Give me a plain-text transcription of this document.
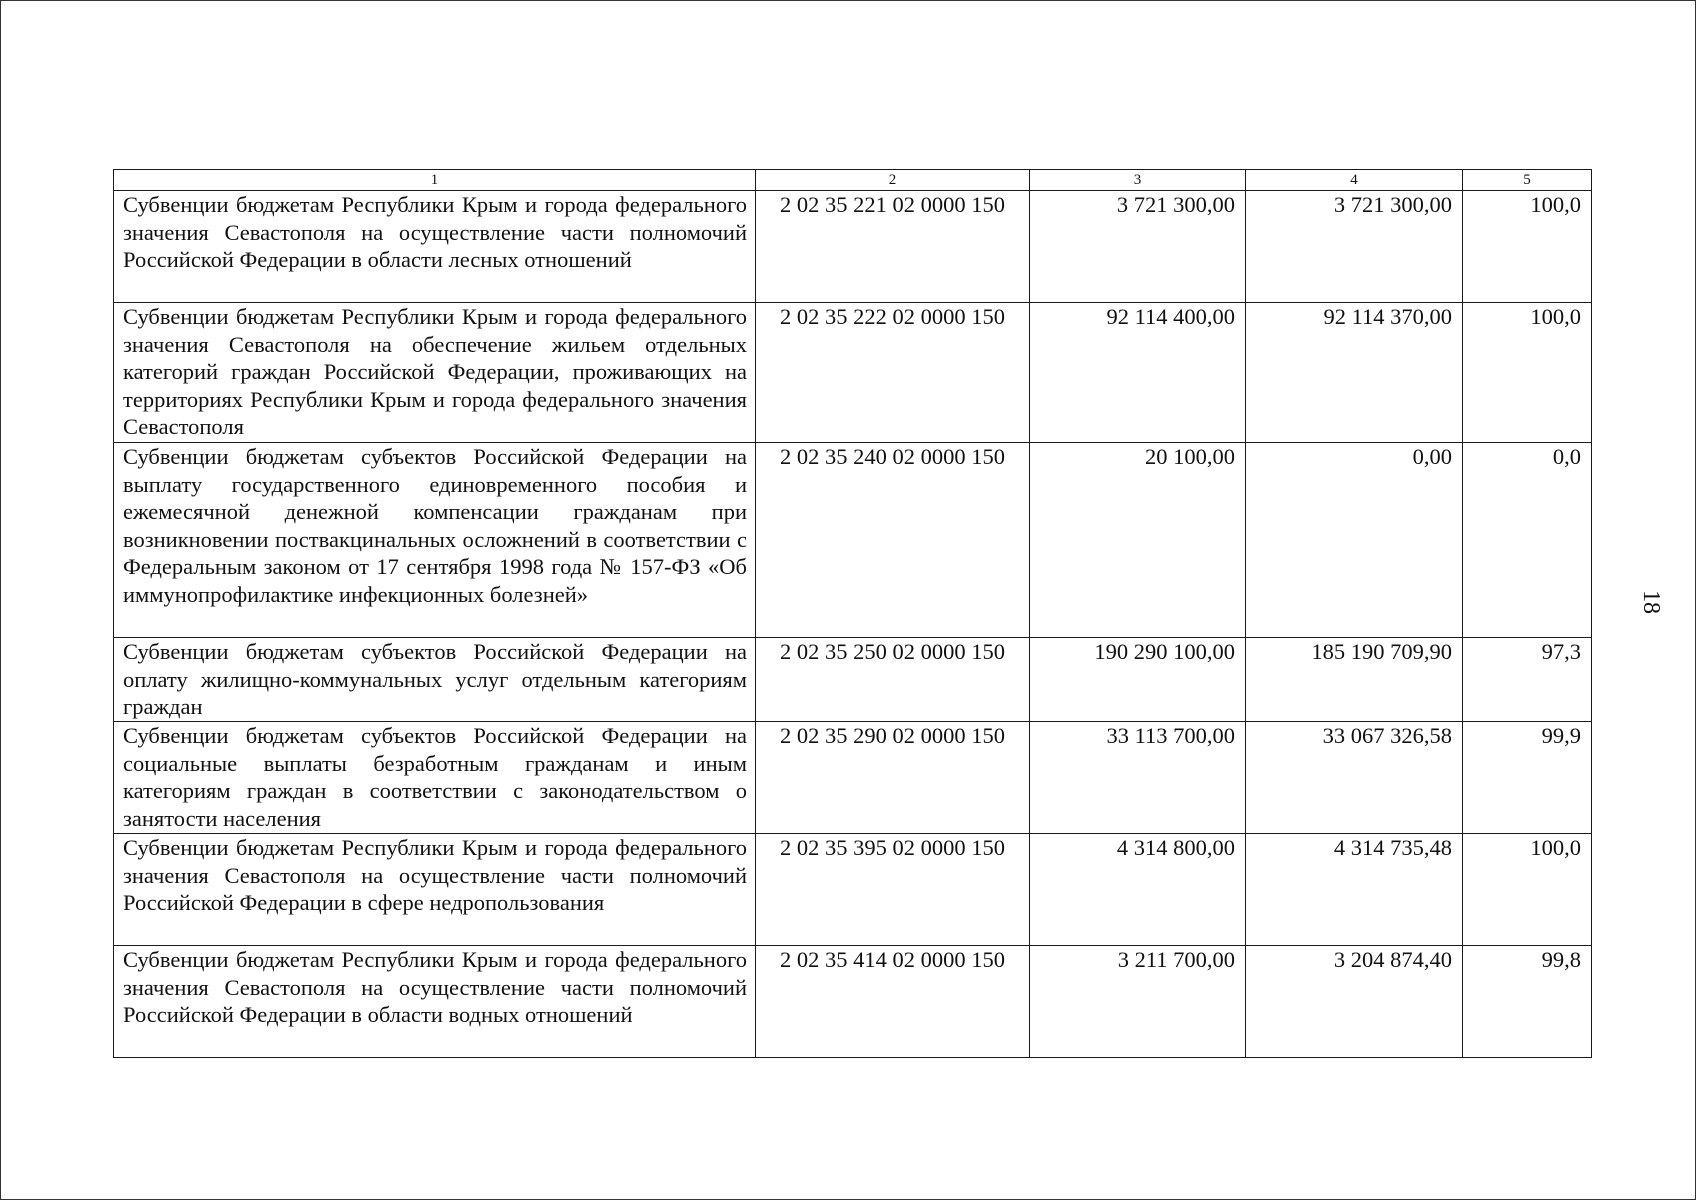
1	2	3	4	5
Субвенции бюджетам Республики Крым и города федерального значения Севастополя на осуществление части полномочий Российской Федерации в области лесных отношений	2 02 35 221 02 0000 150	3 721 300,00	3 721 300,00	100,0
Субвенции бюджетам Республики Крым и города федерального значения Севастополя на обеспечение жильем отдельных категорий граждан Российской Федерации, проживающих на территориях Республики Крым и города федерального значения Севастополя	2 02 35 222 02 0000 150	92 114 400,00	92 114 370,00	100,0
Субвенции бюджетам субъектов Российской Федерации на выплату государственного единовременного пособия и ежемесячной денежной компенсации гражданам при возникновении поствакцинальных осложнений в соответствии с Федеральным законом от 17 сентября 1998 года № 157-ФЗ «Об иммунопрофилактике инфекционных болезней»	2 02 35 240 02 0000 150	20 100,00	0,00	0,0
Субвенции бюджетам субъектов Российской Федерации на оплату жилищно-коммунальных услуг отдельным категориям граждан	2 02 35 250 02 0000 150	190 290 100,00	185 190 709,90	97,3
Субвенции бюджетам субъектов Российской Федерации на социальные выплаты безработным гражданам и иным категориям граждан в соответствии с законодательством о занятости населения	2 02 35 290 02 0000 150	33 113 700,00	33 067 326,58	99,9
Субвенции бюджетам Республики Крым и города федерального значения Севастополя на осуществление части полномочий Российской Федерации в сфере недропользования	2 02 35 395 02 0000 150	4 314 800,00	4 314 735,48	100,0
Субвенции бюджетам Республики Крым и города федерального значения Севастополя на осуществление части полномочий Российской Федерации в области водных отношений	2 02 35 414 02 0000 150	3 211 700,00	3 204 874,40	99,8
18
